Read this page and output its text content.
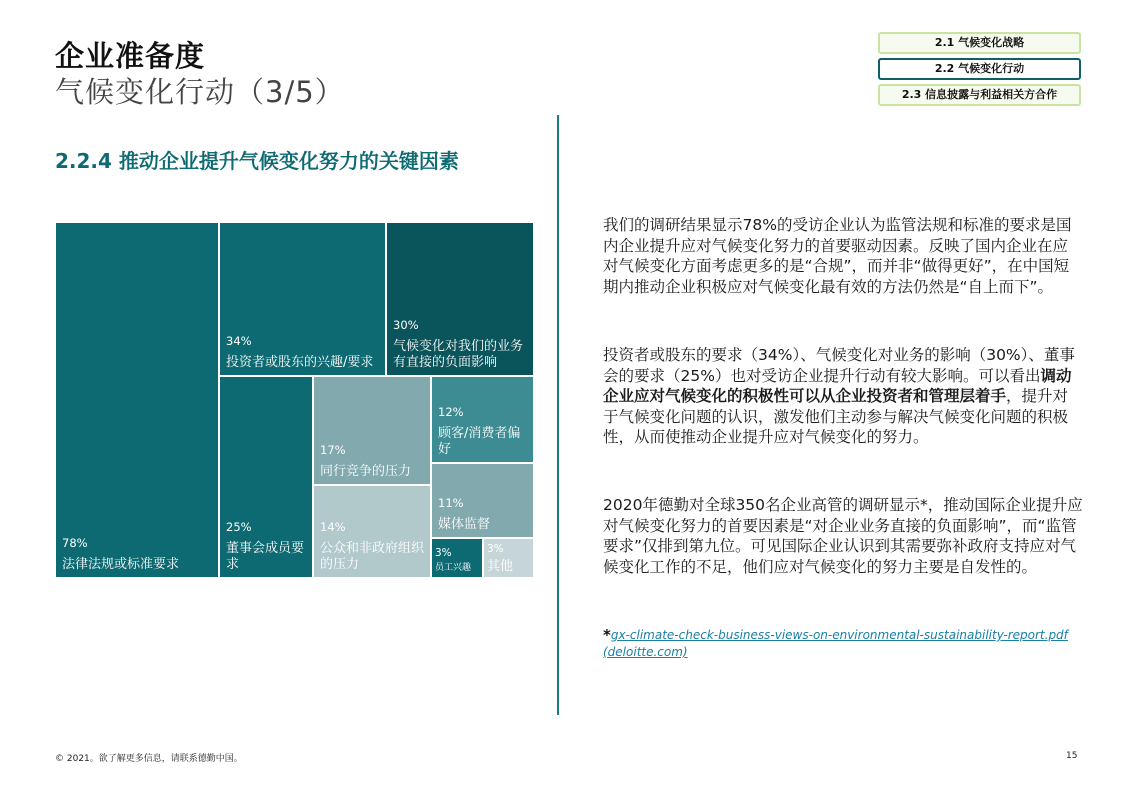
企业准备度
气候变化行动（3/5）
2.1 气候变化战略
2.2 气候变化行动
2.3 信息披露与利益相关方合作
2.2.4 推动企业提升气候变化努力的关键因素
78%
法律法规或标准要求
34%
投资者或股东的兴趣/要求
30%
气候变化对我们的业务有直接的负面影响
25%
董事会成员要求
17%
同行竞争的压力
12%
顾客/消费者偏好
14%
公众和非政府组织的压力
11%
媒体监督
3%
员工兴趣
3%
其他
我们的调研结果显示78%的受访企业认为监管法规和标准的要求是国内企业提升应对气候变化努力的首要驱动因素。反映了国内企业在应对气候变化方面考虑更多的是“合规”，而并非“做得更好”，在中国短期内推动企业积极应对气候变化最有效的方法仍然是“自上而下”。
投资者或股东的要求（34%）、气候变化对业务的影响（30%）、董事会的要求（25%）也对受访企业提升行动有较大影响。可以看出调动企业应对气候变化的积极性可以从企业投资者和管理层着手，提升对于气候变化问题的认识，激发他们主动参与解决气候变化问题的积极性，从而使推动企业提升应对气候变化的努力。
2020年德勤对全球350名企业高管的调研显示*，推动国际企业提升应对气候变化努力的首要因素是“对企业业务直接的负面影响”，而“监管要求”仅排到第九位。可见国际企业认识到其需要弥补政府支持应对气候变化工作的不足，他们应对气候变化的努力主要是自发性的。
*gx-climate-check-business-views-on-environmental-sustainability-report.pdf (deloitte.com)
© 2021。欲了解更多信息，请联系德勤中国。	15
